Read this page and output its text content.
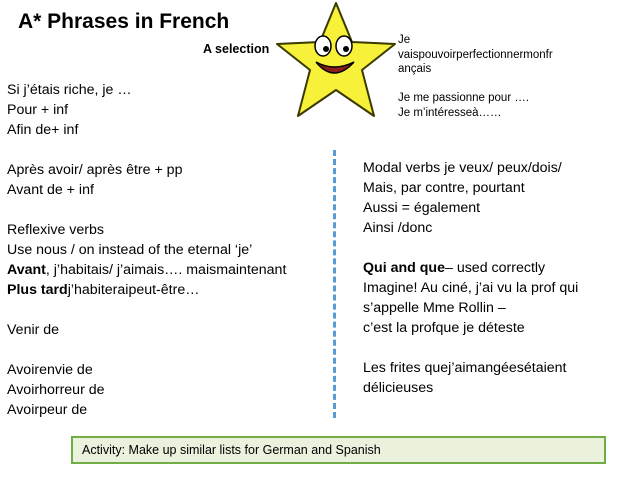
A* Phrases in French
A selection
Je
vaispouvoirperfectionnermonfr
ançais

Je me passionne pour ….
Je m’intéresseà……
Si j’étais riche, je …
Pour + inf
Afin de+ inf
Après avoir/ après être + pp
Avant de + inf
Reflexive verbs
Use nous / on instead of the eternal ‘je’
Avant, j’habitais/ j’aimais…. maismaintenant
Plus tardj’habiteraipeut-être…
Venir de
Avoirenvie de
Avoirhorreur de
Avoirpeur de
Modal verbs je veux/ peux/dois/
Mais, par contre, pourtant
Aussi = également
Ainsi /donc
Qui and que– used correctly
Imagine! Au ciné, j’ai vu la prof qui
s’appelle Mme Rollin –
c’est la profque je déteste
Les frites quej’aimangéesétaient
délicieuses
Activity: Make up similar lists for German and Spanish
